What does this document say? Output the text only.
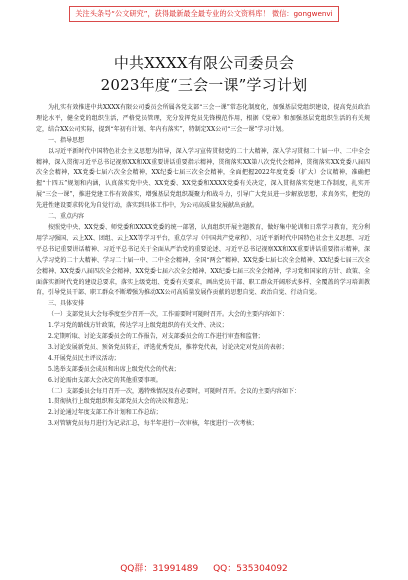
关注头条号“公文研究”，获得最新最全最专业的公文资料库！ 微信：gongwenvi
中共XXXX有限公司委员会
2023年度“三会一课”学习计划

为扎实有效推进中共XXXX有限公司委员会所属各党支部“三会一课”常态化制度化，加强基层党组织建设，提高党员政治理论水平，健全党的组织生活，严格党员管理，充分发挥党员先锋模范作用，根据《党章》和加强基层党组织生活的有关规定，结合XX公司实际，提到“年初有计划、年内有落实”，特制定XX公司“三会一课”学习计划。

一、指导思想

以习近平新时代中国特色社会主义思想为指导，深入学习宣传贯彻党的二十大精神，深入学习贯彻二十届一中、二中全会精神，深入贯彻习近平总书记视察XX和XX重要讲话重要指示精神，贯彻落实XX第八次党代会精神，贯彻落实XX党委八届四次全会精神，XX党委七届六次全会精神，XX纪委七届三次全会精神，全面把握2022年度党委（扩大）会议精神，准确把握“十四五”规划和内涵，认真落实党中央、XX党委、XX党委和XXXX党委有关决定，深入贯彻落实党建工作制度，扎实开展“三会一课”，推进党建工作有效落实，增强基层党组织凝聚力和战斗力，引导广大党员进一步解放思想，求真务实，把党的先进性建设要求转化为自觉行动，落实到具体工作中，为公司高质量发展献出贡献。

二、重点内容

按照党中央、XX党委、师党委和XXXX党委的统一部署，认真组织开展主题教育，做好集中轮训和日常学习教育，充分利用学习强国、云上XX、团组、云上XX等学习平台，重点学习《中国共产党章程》、习近平新时代中国特色社会主义思想、习近平总书记重要讲话精神、习近平总书记关于全面从严治党的重要论述、习近平总书记视察XX和XX重要讲话重要指示精神，深入学习党的二十大精神、学习二十届一中、二中全会精神，全国“两会”精神、XX党委七届七次全会精神、XX纪委七届三次全会精神、XX党委八届四次全会精神、XX党委七届六次全会精神、XX纪委七届三次全会精神，学习党和国家的方针、政策、全面落实新时代党的建设总要求，落实上级党组、党委有关要求，画出党员干部、职工群众开阔形式多样、全覆盖的学习培训教育，引导党员干部、职工群众不断增强为推动XX公司高质量发展作贡献的思想自觉、政治自觉、行动自觉。

三、具体安排

（一）支部党员大会每季度至少召开一次，工作需要时可随时召开。大会的主要内容如下：

1.学习党的路线方针政策，传达学习上级党组织的有关文件、决议；

2.定期听取、讨论支部委员会的工作报告，对支部委员会的工作进行审查和监督；

3.讨论发展新党员、预备党员转正，评选优秀党员，推荐党代表，讨论决定对党员的表彰；

4.开展党员民主评议活动；

5.选举支部委员会成员和出席上级党代会的代表；

6.讨论需由支部大会决定的其他重要事项。

（二）支部委员会每月召开一次，遇特殊情况及有必要时，可随时召开。会议的主要内容如下：

1.贯彻执行上级党组织和支部党员大会的决议和意见；

2.讨论通过年度支部工作计划和工作总结；

3.对管辖党员每月进行为记录汇总，每半年进行一次审核，年度进行一次考核；

QQ群：31991489 QQ：535304092
